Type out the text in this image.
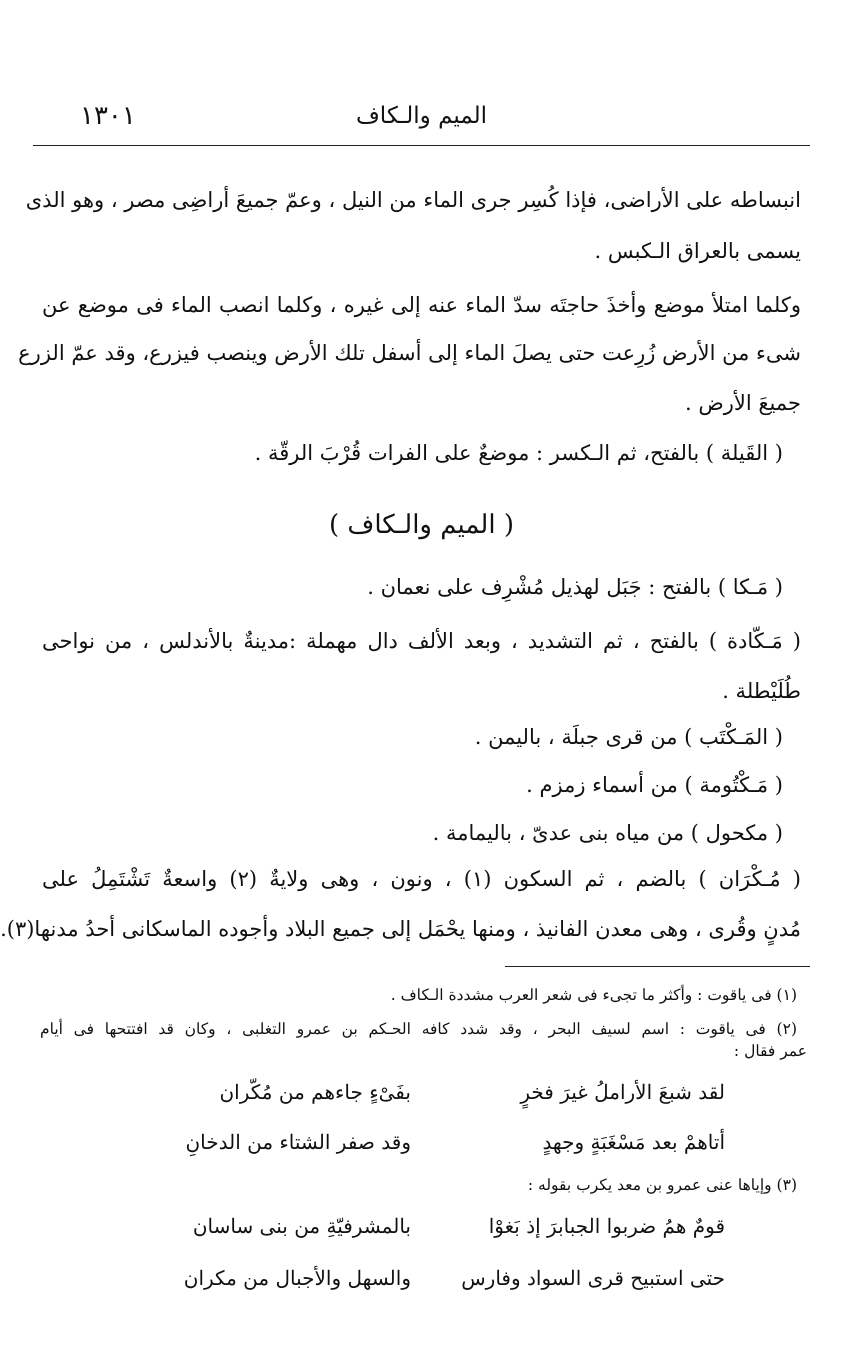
الميم والـكاف
١٣٠١
انبساطه على الأراضى، فإذا كُسِر جرى الماء من النيل ، وعمّ جميعَ أراضِى مصر ، وهو الذى
يسمى بالعراق الـكبس .
وكلما امتلأ موضع وأخذَ حاجتَه سدّ الماء عنه إلى غيره ، وكلما انصب الماء فى موضع عن
شىء من الأرض زُرِعت حتى يصلَ الماء إلى أسفل تلك الأرض وينصب فيزرع، وقد عمّ الزرع
جميعَ الأرض .
( القَيلة ) بالفتح، ثم الـكسر : موضعٌ على الفرات قُرْبَ الرقّة .
( الميم والـكاف )
( مَـكا ) بالفتح : جَبَل لهذيل مُشْرِف على نعمان .
( مَـكّادة ) بالفتح ، ثم التشديد ، وبعد الألف دال مهملة :مدينةٌ بالأندلس ، من نواحى
طُلَيْطلة .
( المَـكْتَب ) من قرى جبلَة ، باليمن .
( مَـكْتُومة ) من أسماء زمزم .
( مكحول ) من مياه بنى عدىّ ، باليمامة .
( مُـكْرَان ) بالضم ، ثم السكون (١) ، ونون ، وهى ولايةٌ (٢) واسعةٌ تَشْتَمِلُ على
مُدنٍ وقُرى ، وهى معدن الفانيذ ، ومنها يحْمَل إلى جميع البلاد وأجوده الماسكانى أحدُ مدنها(٣).
(١) فى ياقوت : وأكثر ما تجىء فى شعر العرب مشددة الـكاف .
(٢) فى ياقوت : اسم لسيف البحر ، وقد شدد كافه الحـكم بن عمرو التغلبى ، وكان قد افتتحها فى أيام
عمر فقال :
لقد شبعَ الأراملُ غيرَ فخرٍ
بفَىْءٍ جاءهم من مُكّران
أتاهمْ بعد مَسْغَبَةٍ وجهدٍ
وقد صفر الشتاء من الدخانِ
(٣) وإياها عنى عمرو بن معد يكرب بقوله :
قومٌ همُ ضربوا الجبابرَ إذ بَغوْا
بالمشرفيّةِ من بنى ساسان
حتى استبيح قرى السواد وفارس
والسهل والأجبال من مكران
